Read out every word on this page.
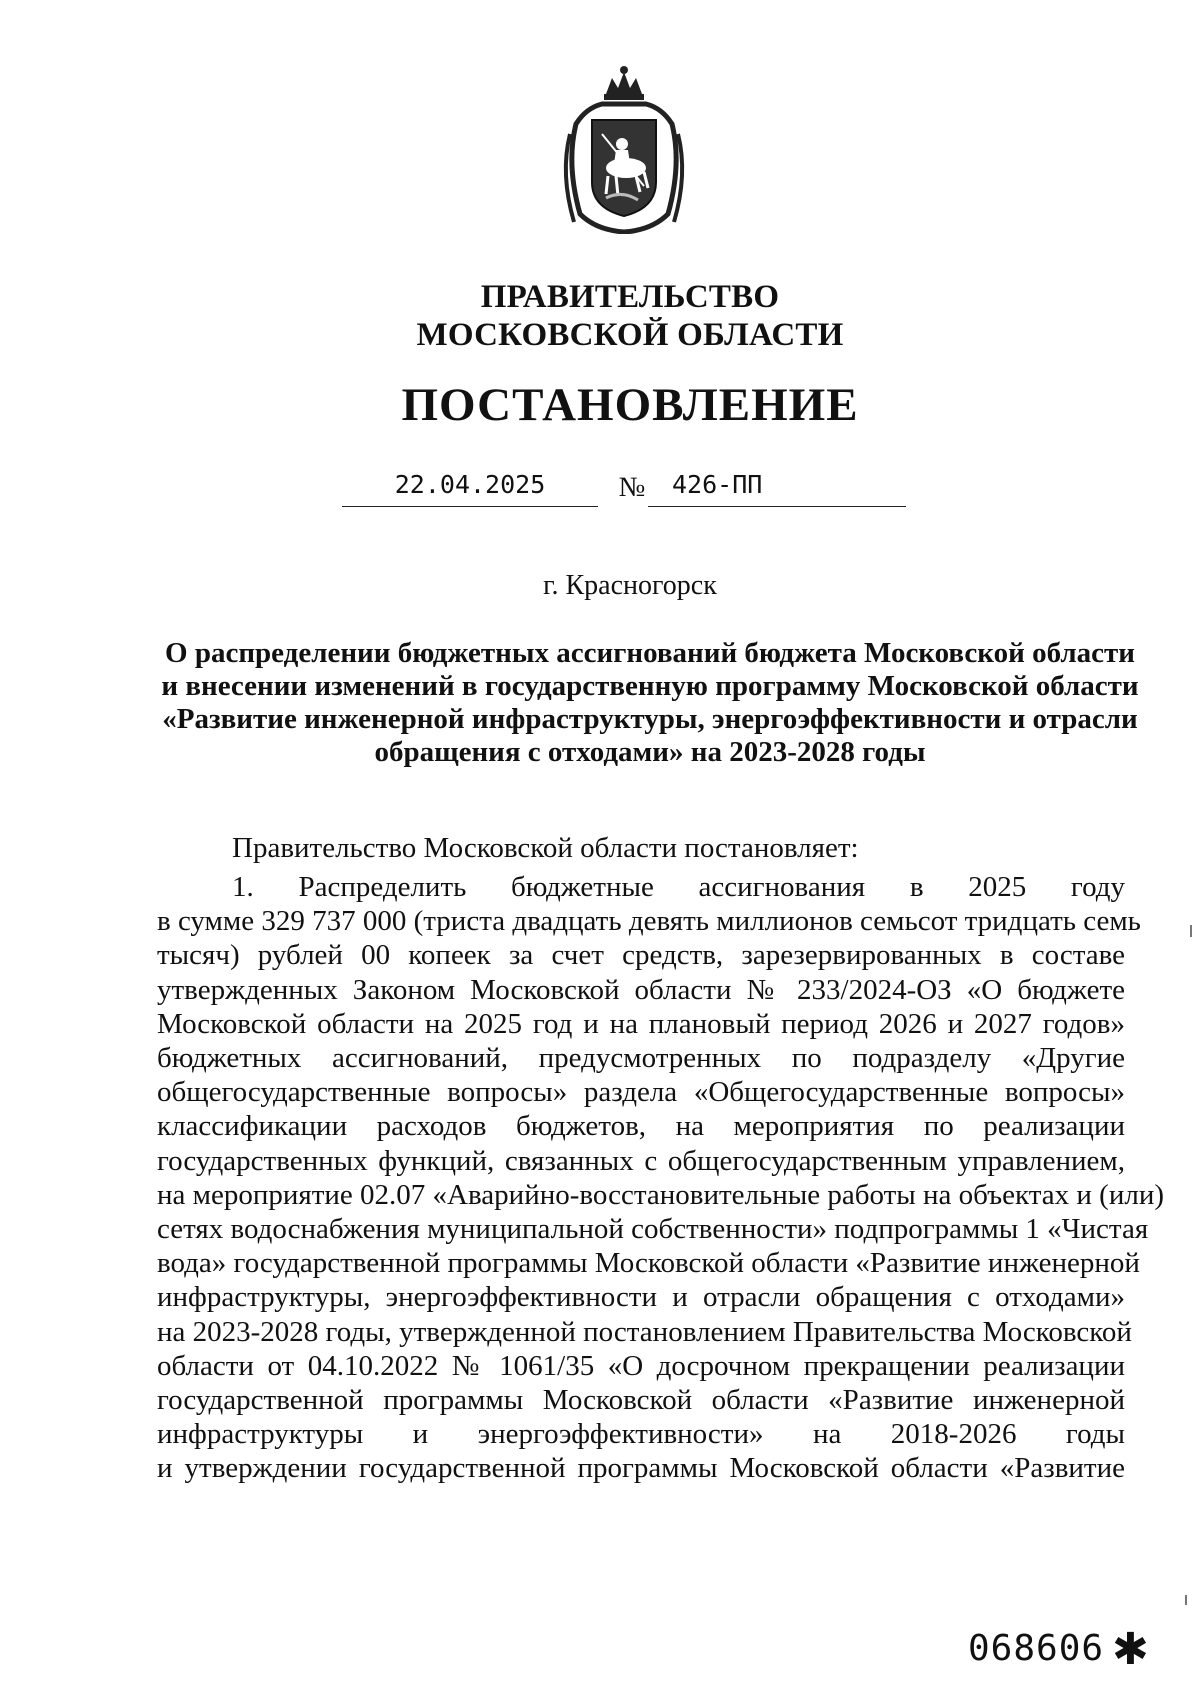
ПРАВИТЕЛЬСТВО
МОСКОВСКОЙ ОБЛАСТИ
ПОСТАНОВЛЕНИЕ
22.04.2025	№ 426-ПП
г. Красногорск
О распределении бюджетных ассигнований бюджета Московской области
и внесении изменений в государственную программу Московской области
«Развитие инженерной инфраструктуры, энергоэффективности и отрасли
обращения с отходами» на 2023-2028 годы
Правительство Московской области постановляет:
1. Распределить бюджетные ассигнования в 2025 году
в сумме 329 737 000 (триста двадцать девять миллионов семьсот тридцать семь
тысяч) рублей 00 копеек за счет средств, зарезервированных в составе
утвержденных Законом Московской области № 233/2024-ОЗ «О бюджете
Московской области на 2025 год и на плановый период 2026 и 2027 годов»
бюджетных ассигнований, предусмотренных по подразделу «Другие
общегосударственные вопросы» раздела «Общегосударственные вопросы»
классификации расходов бюджетов, на мероприятия по реализации
государственных функций, связанных с общегосударственным управлением,
на мероприятие 02.07 «Аварийно-восстановительные работы на объектах и (или)
сетях водоснабжения муниципальной собственности» подпрограммы 1 «Чистая
вода» государственной программы Московской области «Развитие инженерной
инфраструктуры, энергоэффективности и отрасли обращения с отходами»
на 2023-2028 годы, утвержденной постановлением Правительства Московской
области от 04.10.2022 № 1061/35 «О досрочном прекращении реализации
государственной программы Московской области «Развитие инженерной
инфраструктуры и энергоэффективности» на 2018-2026 годы
и утверждении государственной программы Московской области «Развитие
068606 ✱
